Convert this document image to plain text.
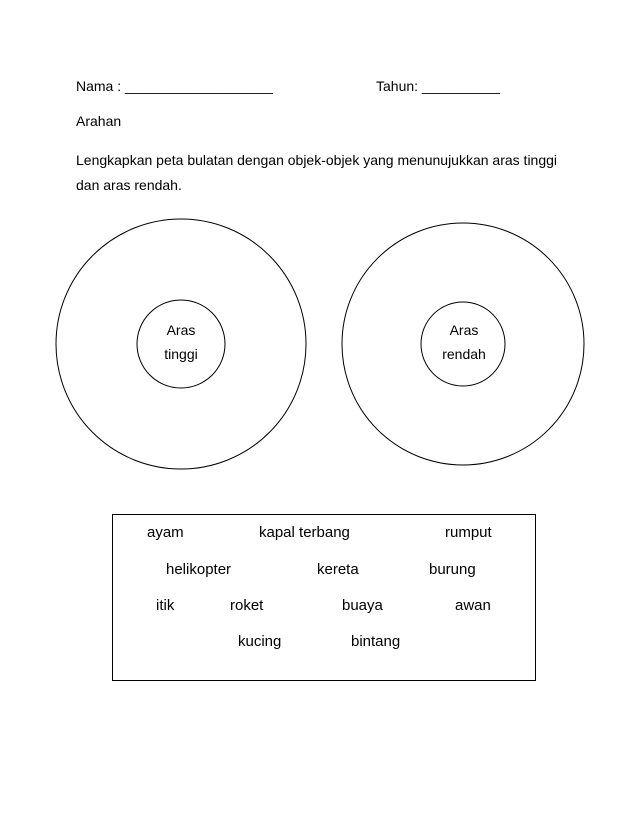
Nama : ___________________	Tahun: __________
Arahan
Lengkapkan peta bulatan dengan objek-objek yang menunujukkan aras tinggi dan aras rendah.
Aras
tinggi
Aras
rendah
ayam	kapal terbang	rumput
helikopter	kereta	burung
itik	roket	buaya	awan
kucing	bintang
